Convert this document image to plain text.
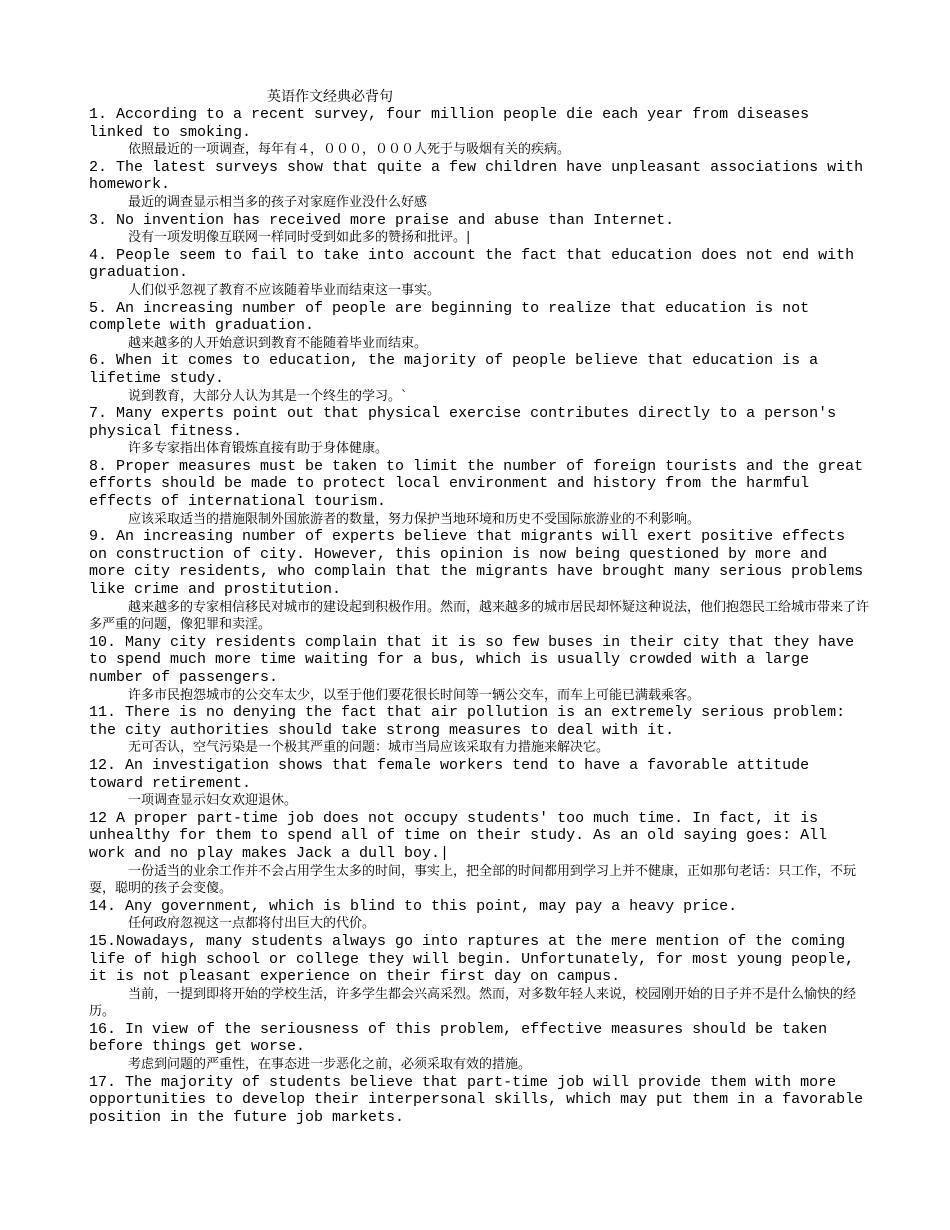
英语作文经典必背句
1. According to a recent survey, four million people die each year from diseases linked to smoking.
依照最近的一项调查，每年有４，０００，０００人死于与吸烟有关的疾病。
2. The latest surveys show that quite a few children have unpleasant associations with homework.
最近的调查显示相当多的孩子对家庭作业没什么好感
3. No invention has received more praise and abuse than Internet.
没有一项发明像互联网一样同时受到如此多的赞扬和批评。|
4. People seem to fail to take into account the fact that education does not end with graduation.
人们似乎忽视了教育不应该随着毕业而结束这一事实。
5. An increasing number of people are beginning to realize that education is not complete with graduation.
越来越多的人开始意识到教育不能随着毕业而结束。
6. When it comes to education, the majority of people believe that education is a lifetime study.
说到教育，大部分人认为其是一个终生的学习。`
7. Many experts point out that physical exercise contributes directly to a person's physical fitness.
许多专家指出体育锻炼直接有助于身体健康。
8. Proper measures must be taken to limit the number of foreign tourists and the great efforts should be made to protect local environment and history from the harmful effects of international tourism.
应该采取适当的措施限制外国旅游者的数量，努力保护当地环境和历史不受国际旅游业的不利影响。
9. An increasing number of experts believe that migrants will exert positive effects on construction of city. However, this opinion is now being questioned by more and more city residents, who complain that the migrants have brought many serious problems like crime and prostitution.
越来越多的专家相信移民对城市的建设起到积极作用。然而，越来越多的城市居民却怀疑这种说法，他们抱怨民工给城市带来了许多严重的问题，像犯罪和卖淫。
10. Many city residents complain that it is so few buses in their city that they have to spend much more time waiting for a bus, which is usually crowded with a large number of passengers.
许多市民抱怨城市的公交车太少，以至于他们要花很长时间等一辆公交车，而车上可能已满载乘客。
11. There is no denying the fact that air pollution is an extremely serious problem: the city authorities should take strong measures to deal with it.
无可否认，空气污染是一个极其严重的问题：城市当局应该采取有力措施来解决它。
12. An investigation shows that female workers tend to have a favorable attitude toward retirement.
一项调查显示妇女欢迎退休。
12 A proper part-time job does not occupy students' too much time. In fact, it is unhealthy for them to spend all of time on their study. As an old saying goes: All work and no play makes Jack a dull boy.|
一份适当的业余工作并不会占用学生太多的时间，事实上，把全部的时间都用到学习上并不健康，正如那句老话：只工作，不玩耍，聪明的孩子会变傻。
14. Any government, which is blind to this point, may pay a heavy price.
任何政府忽视这一点都将付出巨大的代价。
15.Nowadays, many students always go into raptures at the mere mention of the coming life of high school or college they will begin. Unfortunately, for most young people, it is not pleasant experience on their first day on campus.
当前，一提到即将开始的学校生活，许多学生都会兴高采烈。然而，对多数年轻人来说，校园刚开始的日子并不是什么愉快的经历。
16. In view of the seriousness of this problem, effective measures should be taken before things get worse.
考虑到问题的严重性，在事态进一步恶化之前，必须采取有效的措施。
17. The majority of students believe that part-time job will provide them with more opportunities to develop their interpersonal skills, which may put them in a favorable position in the future job markets.
